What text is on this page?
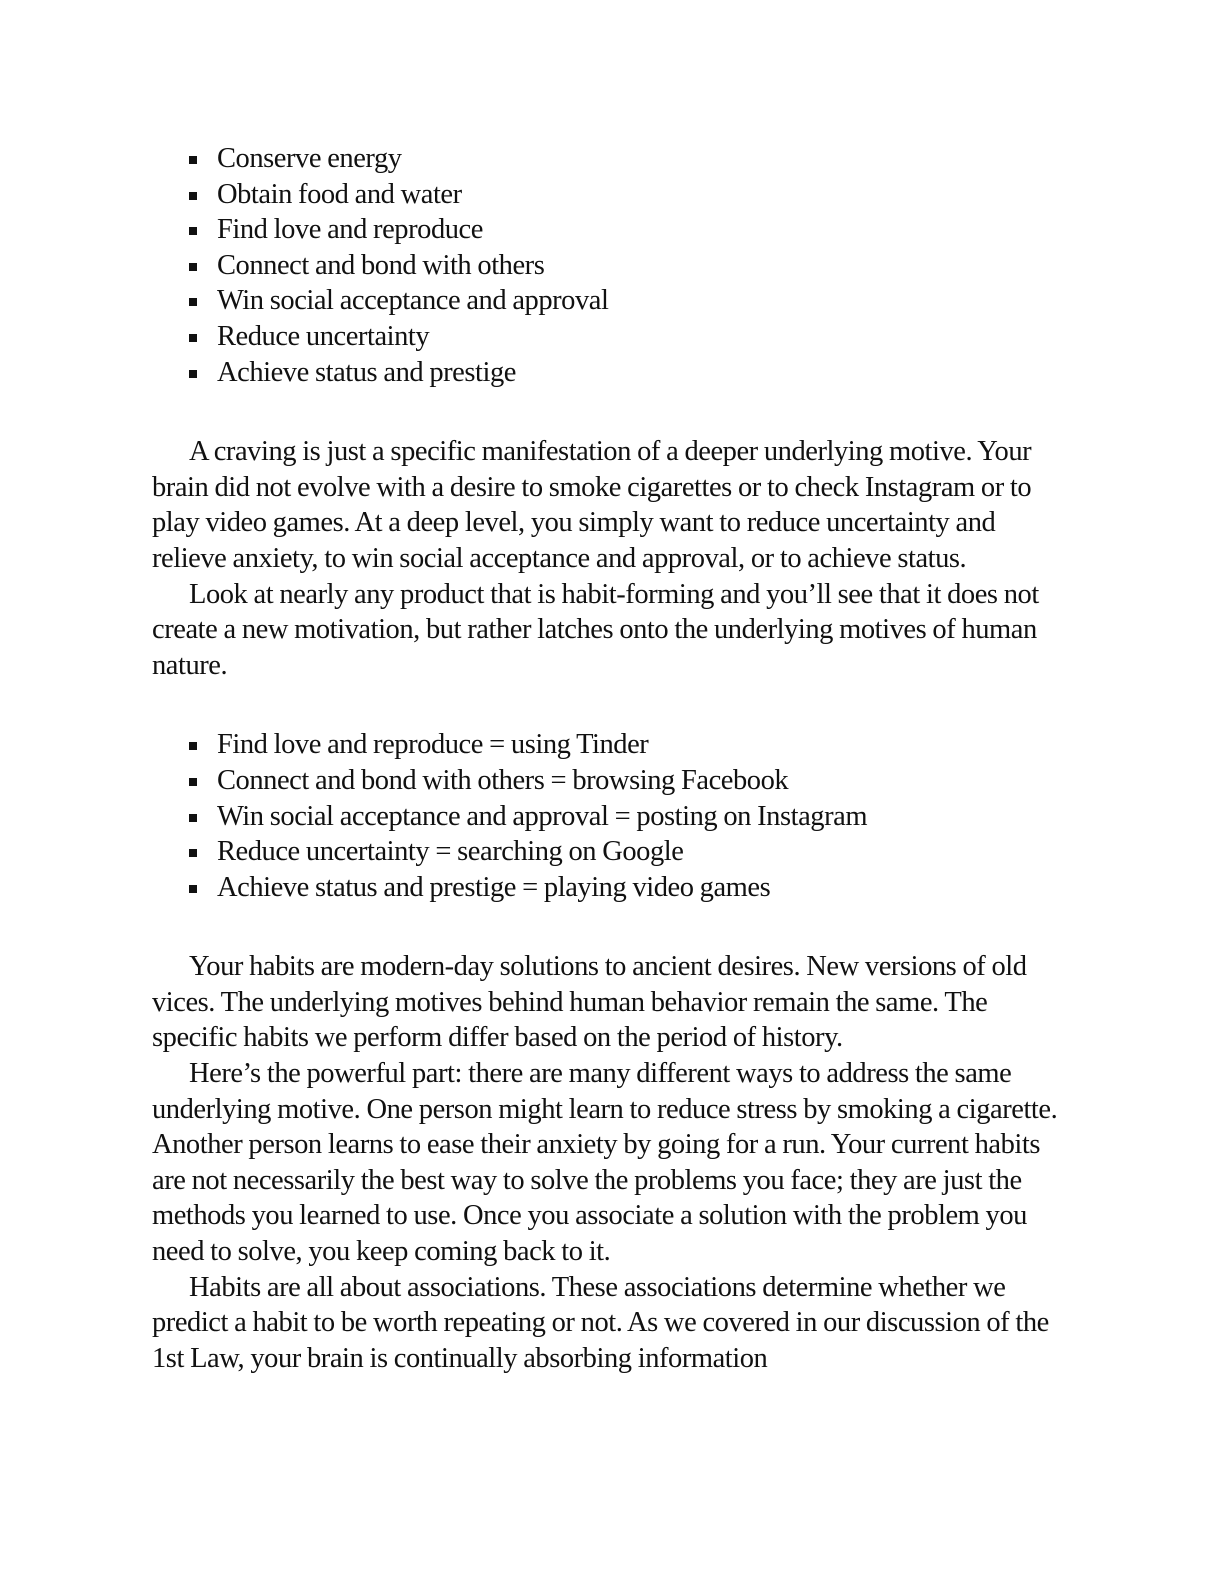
Conserve energy
Obtain food and water
Find love and reproduce
Connect and bond with others
Win social acceptance and approval
Reduce uncertainty
Achieve status and prestige

A craving is just a specific manifestation of a deeper underlying motive. Your brain did not evolve with a desire to smoke cigarettes or to check Instagram or to play video games. At a deep level, you simply want to reduce uncertainty and relieve anxiety, to win social acceptance and approval, or to achieve status.

Look at nearly any product that is habit-forming and you’ll see that it does not create a new motivation, but rather latches onto the underlying motives of human nature.

Find love and reproduce = using Tinder
Connect and bond with others = browsing Facebook
Win social acceptance and approval = posting on Instagram
Reduce uncertainty = searching on Google
Achieve status and prestige = playing video games

Your habits are modern-day solutions to ancient desires. New versions of old vices. The underlying motives behind human behavior remain the same. The specific habits we perform differ based on the period of history.

Here’s the powerful part: there are many different ways to address the same underlying motive. One person might learn to reduce stress by smoking a cigarette. Another person learns to ease their anxiety by going for a run. Your current habits are not necessarily the best way to solve the problems you face; they are just the methods you learned to use. Once you associate a solution with the problem you need to solve, you keep coming back to it.

Habits are all about associations. These associations determine whether we predict a habit to be worth repeating or not. As we covered in our discussion of the 1st Law, your brain is continually absorbing information
